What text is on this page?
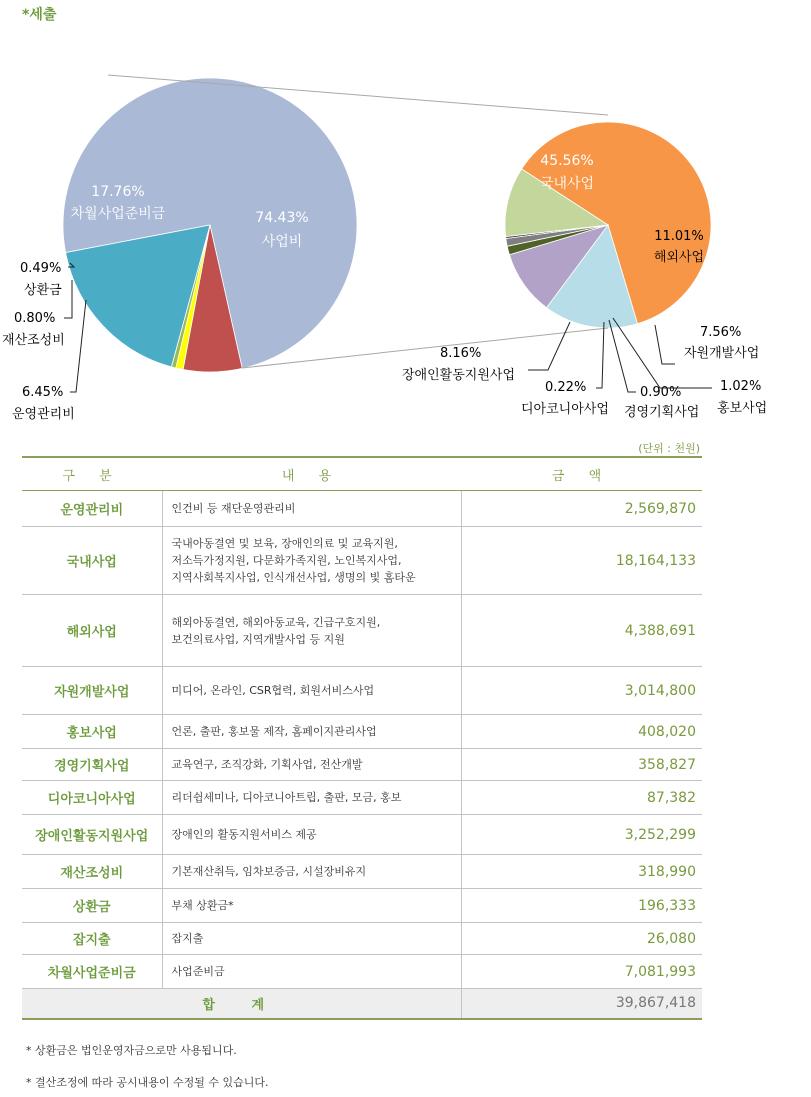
*세출
74.43%
사업비
17.76%
차월사업준비금
0.49%
상환금
0.80%
재산조성비
6.45%
운영관리비
45.56%
국내사업
11.01%
해외사업
7.56%
자원개발사업
1.02%
홍보사업
0.90%
경영기획사업
0.22%
디아코니아사업
8.16%
장애인활동지원사업
(단위 : 천원)
구 분	내 용	금 액
운영관리비	인건비 등 재단운영관리비	2,569,870
국내사업	국내아동결연 및 보육, 장애인의료 및 교육지원,
저소득가정지원, 다문화가족지원, 노인복지사업,
지역사회복지사업, 인식개선사업, 생명의 빛 홈타운	18,164,133
해외사업	해외아동결연, 해외아동교육, 긴급구호지원,
보건의료사업, 지역개발사업 등 지원	4,388,691
자원개발사업	미디어, 온라인, CSR협력, 회원서비스사업	3,014,800
홍보사업	언론, 출판, 홍보물 제작, 홈페이지관리사업	408,020
경영기획사업	교육연구, 조직강화, 기획사업, 전산개발	358,827
디아코니아사업	리더쉽세미나, 디아코니아트립, 출판, 모금, 홍보	87,382
장애인활동지원사업	장애인의 활동지원서비스 제공	3,252,299
재산조성비	기본재산취득, 임차보증금, 시설장비유지	318,990
상환금	부채 상환금*	196,333
잡지출	잡지출	26,080
차월사업준비금	사업준비금	7,081,993
합 계		39,867,418
* 상환금은 법인운영자금으로만 사용됩니다.
* 결산조정에 따라 공시내용이 수정될 수 있습니다.
